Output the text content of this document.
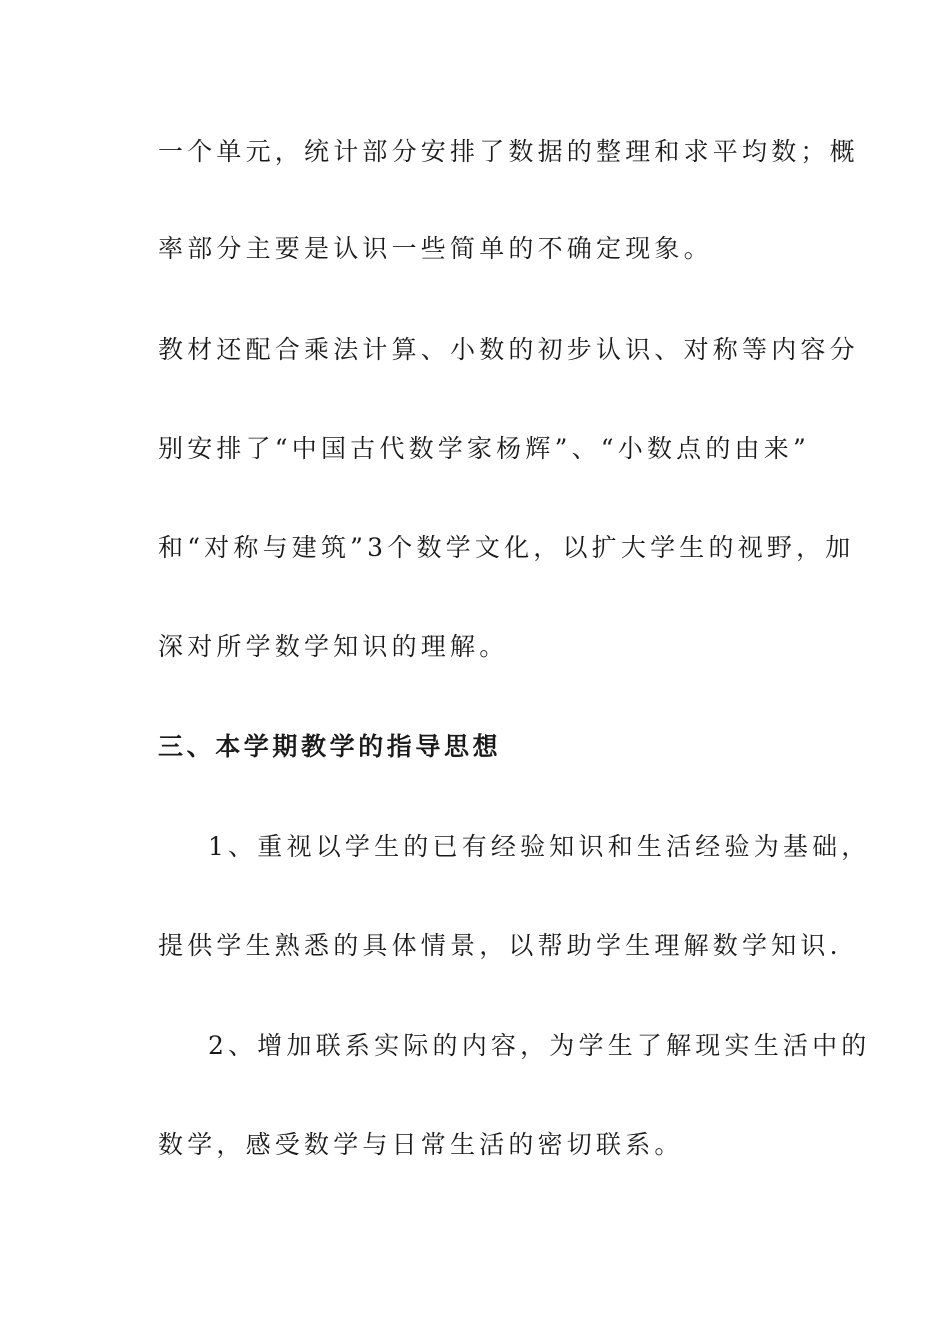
一个单元，统计部分安排了数据的整理和求平均数；概
率部分主要是认识一些简单的不确定现象。
教材还配合乘法计算、小数的初步认识、对称等内容分
别安排了“中国古代数学家杨辉”、“小数点的由来”
和“对称与建筑”3个数学文化，以扩大学生的视野，加
深对所学数学知识的理解。
三、本学期教学的指导思想
1、重视以学生的已有经验知识和生活经验为基础，
提供学生熟悉的具体情景，以帮助学生理解数学知识.
2、增加联系实际的内容，为学生了解现实生活中的
数学，感受数学与日常生活的密切联系。
